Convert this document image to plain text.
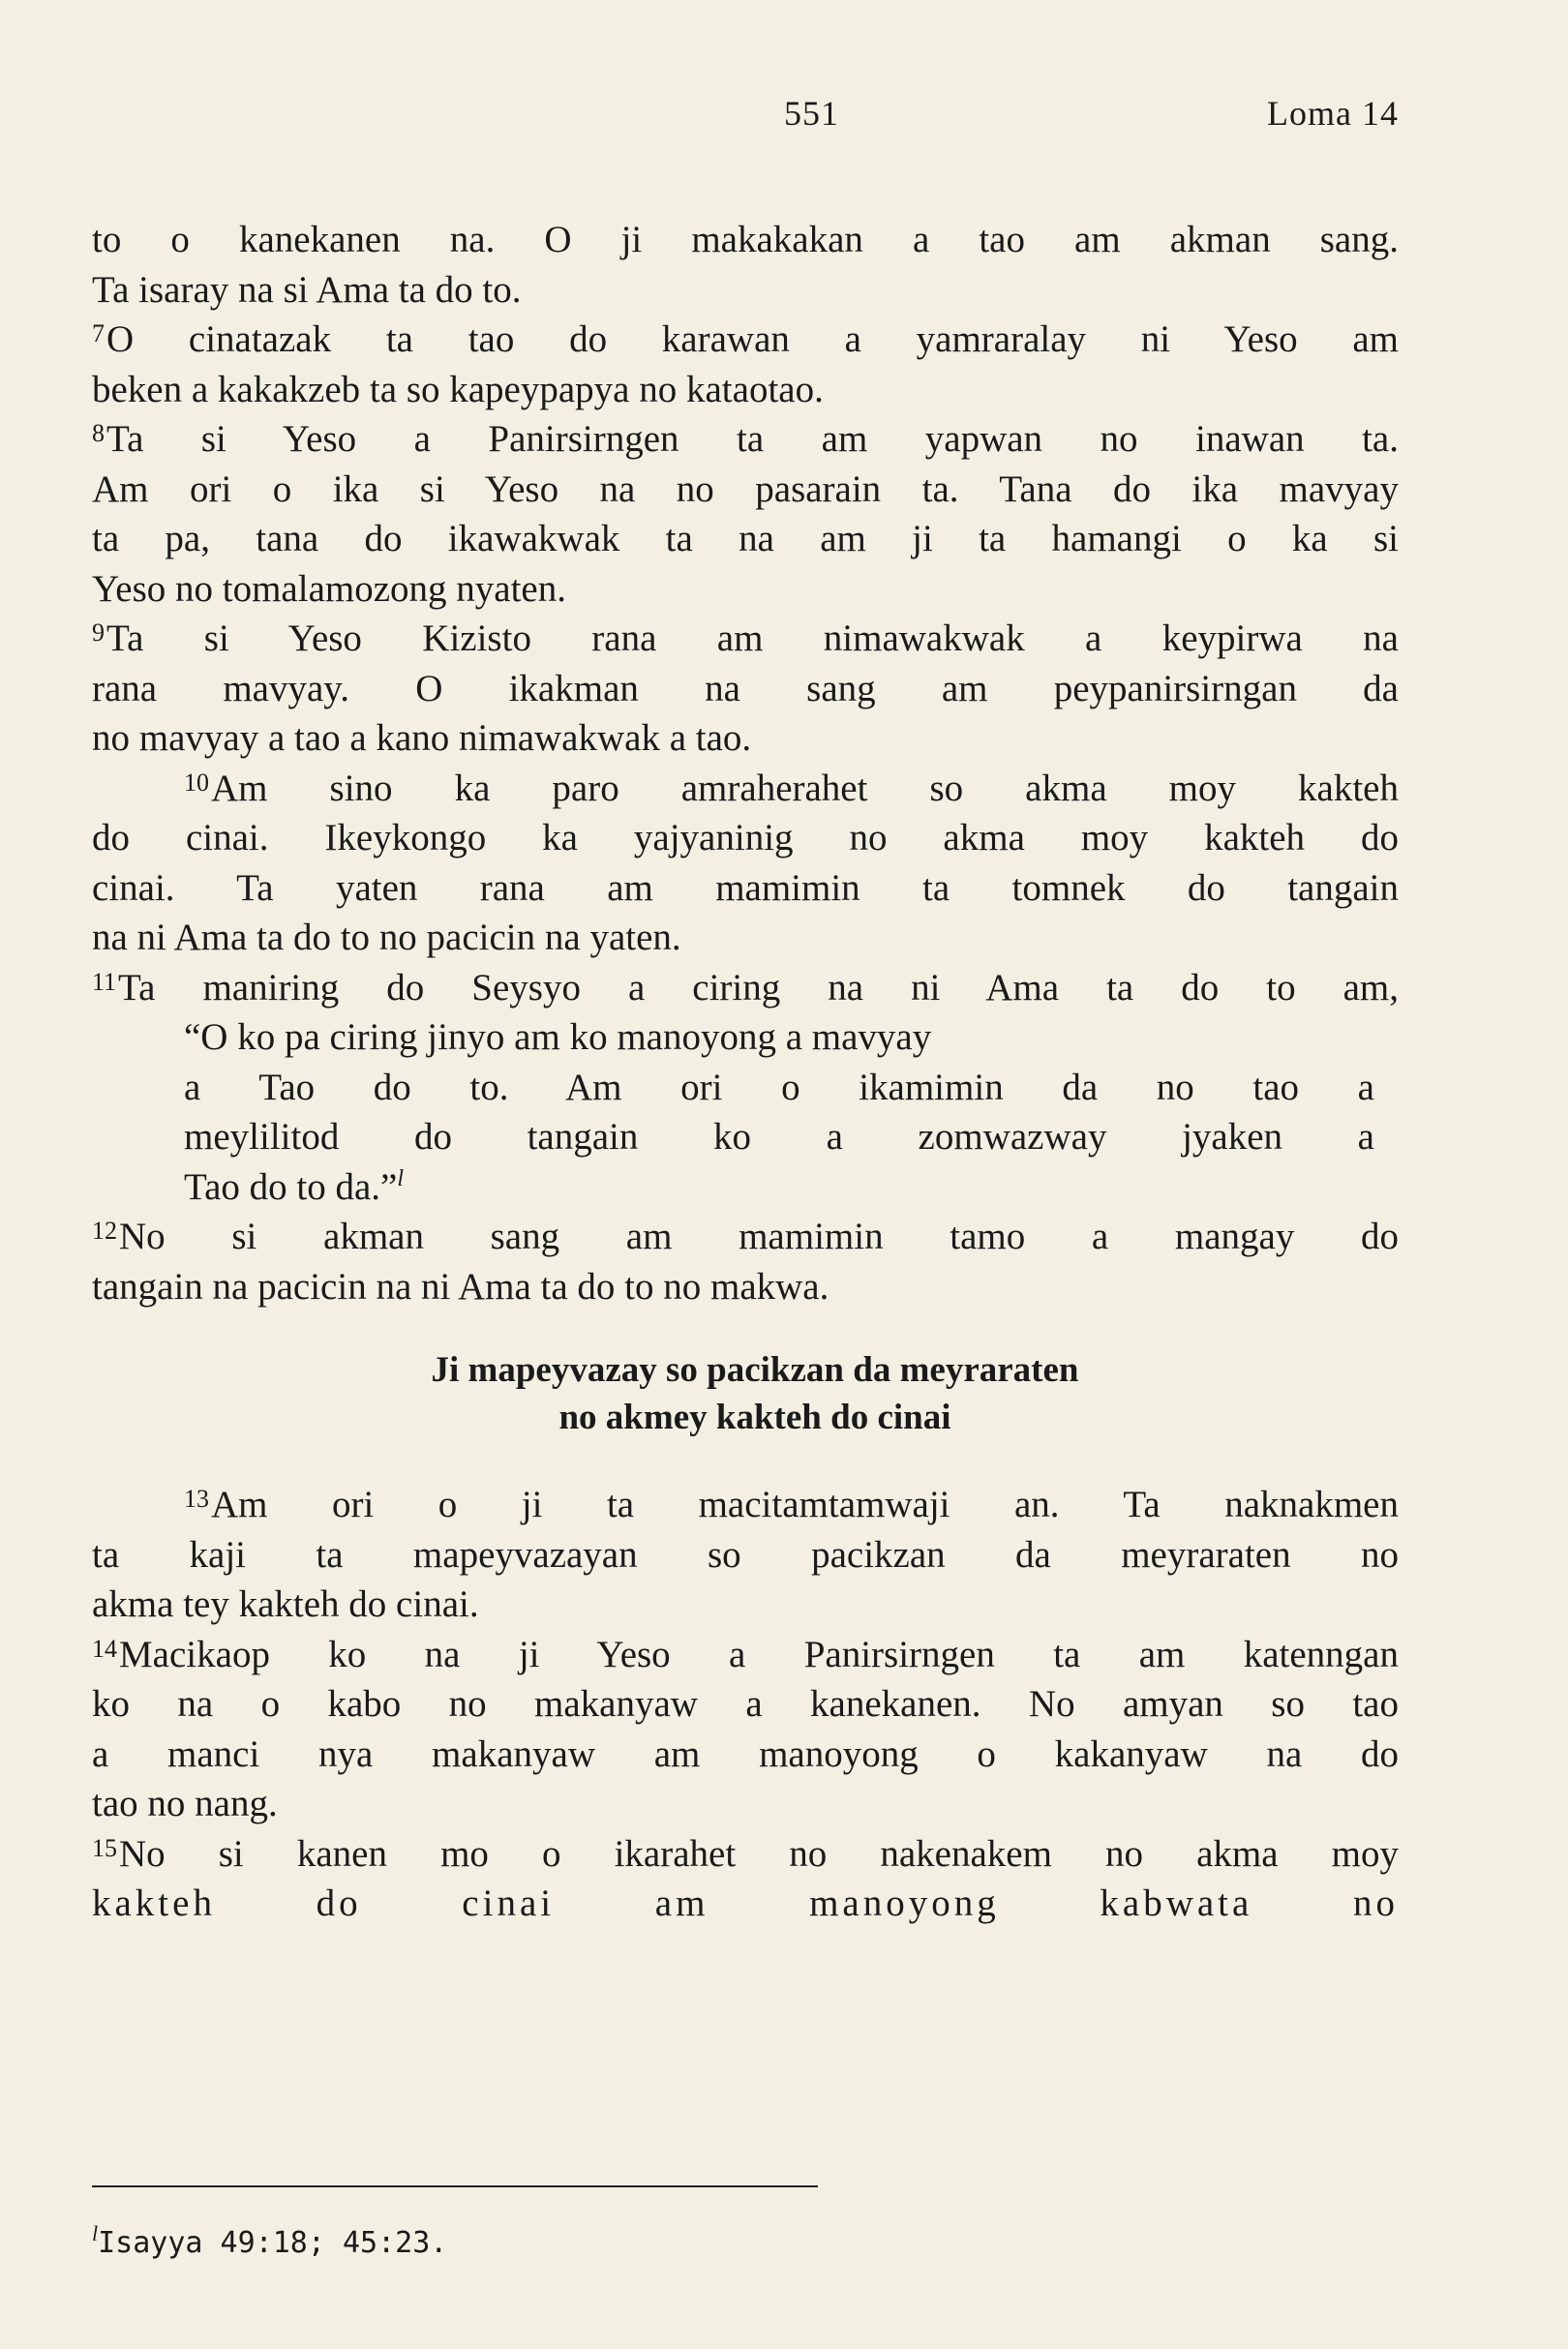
551	Loma 14
to o kanekanen na. O ji makakakan a tao am akman sang.
Ta isaray na si Ama ta do to.
$^7$O cinatazak ta tao do karawan a yamraralay ni Yeso am
beken a kakakzeb ta so kapeypapya no kataotao.
$^8$Ta si Yeso a Panirsirngen ta am yapwan no inawan ta.
Am ori o ika si Yeso na no pasarain ta. Tana do ika mavyay
ta pa, tana do ikawakwak ta na am ji ta hamangi o ka si
Yeso no tomalamozong nyaten.
$^9$Ta si Yeso Kizisto rana am nimawakwak a keypirwa na
rana mavyay. O ikakman na sang am peypanirsirngan da
no mavyay a tao a kano nimawakwak a tao.
$^{10}$Am sino ka paro amraherahet so akma moy kakteh
do cinai. Ikeykongo ka yajyaninig no akma moy kakteh do
cinai. Ta yaten rana am mamimin ta tomnek do tangain
na ni Ama ta do to no pacicin na yaten.
$^{11}$Ta maniring do Seysyo a ciring na ni Ama ta do to am,
“O ko pa ciring jinyo am ko manoyong a mavyay
a Tao do to. Am ori o ikamimin da no tao a
meylilitod do tangain ko a zomwazway jyaken a
Tao do to da.”$^l$
$^{12}$No si akman sang am mamimin tamo a mangay do
tangain na pacicin na ni Ama ta do to no makwa.
Ji mapeyvazay so pacikzan da meyraraten
no akmey kakteh do cinai
$^{13}$Am ori o ji ta macitamtamwaji an. Ta naknakmen
ta kaji ta mapeyvazayan so pacikzan da meyraraten no
akma tey kakteh do cinai.
$^{14}$Macikaop ko na ji Yeso a Panirsirngen ta am katenngan
ko na o kabo no makanyaw a kanekanen. No amyan so tao
a manci nya makanyaw am manoyong o kakanyaw na do
tao no nang.
$^{15}$No si kanen mo o ikarahet no nakenakem no akma moy
kakteh do cinai am manoyong kabwata no
$^l$Isayya 49:18; 45:23.
